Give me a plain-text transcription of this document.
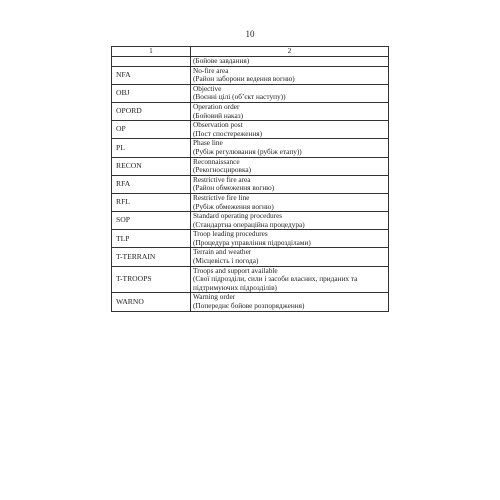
10
1	2

	(Бойове завдання)

NFA	No-fire area
(Район заборони ведення вогню)

OBJ	Objective
(Воєнні цілі (об’єкт наступу))

OPORD	Operation order
(Бойовий наказ)

OP	Observation post
(Пост спостереження)

PL	Phase line
(Рубіж регулювання (рубіж етапу))

RECON	Reconnaissance
(Рекогносцировка)

RFA	Restrictive fire area
(Район обмеження вогню)

RFL	Restrictive fire line
(Рубіж обмеження вогню)

SOP	Standard operating procedures
(Стандартна операційна процедура)

TLP	Troop leading procedures
(Процедура управління підрозділами)

T-TERRAIN	Terrain and weather
(Місцевість і погода)

T-TROOPS	Troops and support available
(Свої підрозділи, сили і засоби власних, приданих та підтримуючих підрозділів)

WARNO	Warning order
(Попереднє бойове розпорядження)
